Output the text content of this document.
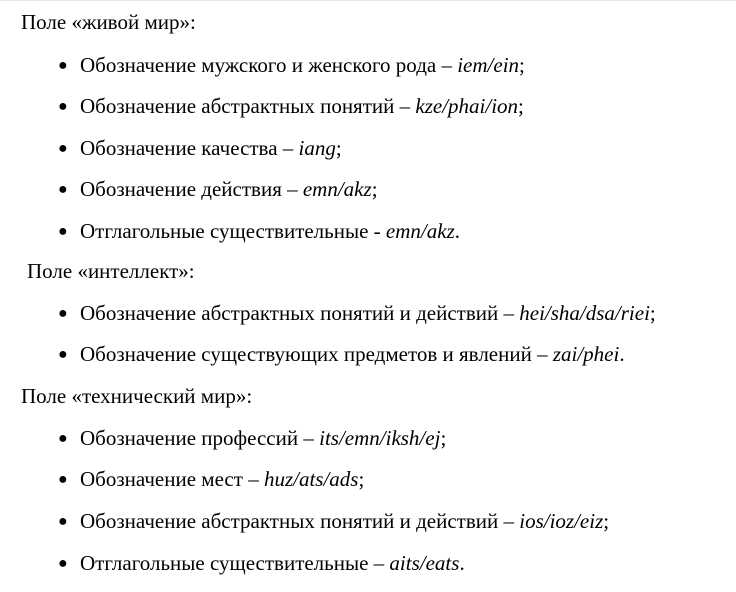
Поле «живой мир»:
● Обозначение мужского и женского рода – iem/ein;
● Обозначение абстрактных понятий – kze/phai/ion;
● Обозначение качества – iang;
● Обозначение действия – emn/akz;
● Отглагольные существительные - emn/akz.
Поле «интеллект»:
● Обозначение абстрактных понятий и действий – hei/sha/dsa/riei;
● Обозначение существующих предметов и явлений – zai/phei.
Поле «технический мир»:
● Обозначение профессий – its/emn/iksh/ej;
● Обозначение мест – huz/ats/ads;
● Обозначение абстрактных понятий и действий – ios/ioz/eiz;
● Отглагольные существительные – aits/eats.
